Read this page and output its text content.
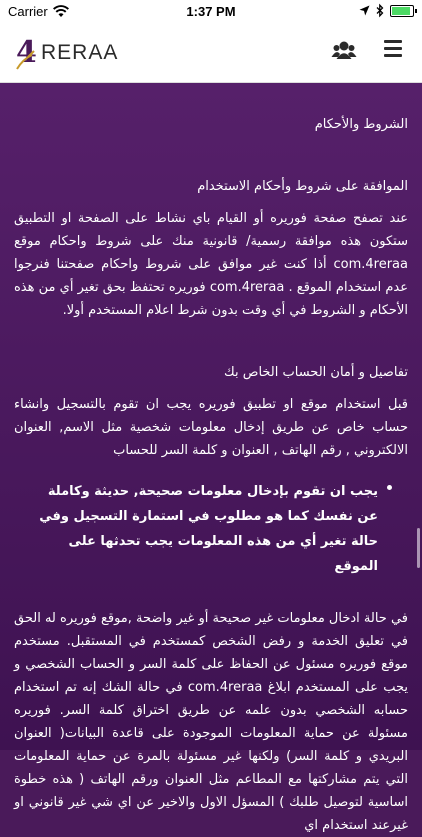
Carrier	1:37 PM
4 RERAA

الشروط والأحكام

الموافقة على شروط وأحكام الاستخدام

عند تصفح صفحة فوريره أو القيام باي نشاط على الصفحة او التطبيق ستكون هذه موافقة رسمية/ قانونية منك على شروط واحكام موقع com.4reraa أذا كنت غير موافق على شروط واحكام صفحتنا فنرجوا عدم استخدام الموقع . com.4reraa فوريره تحتفظ بحق تغير أي من هذه الأحكام و الشروط في أي وقت بدون شرط اعلام المستخدم أولا.

تفاصيل و أمان الحساب الخاص بك

قبل استخدام موقع او تطبيق فوريره يجب ان تقوم بالتسجيل وانشاء حساب خاص عن طريق إدخال معلومات شخصية مثل الاسم, العنوان الالكتروني , رقم الهاتف , العنوان و كلمة السر للحساب

يجب ان تقوم بإدخال معلومات صحيحة, حديثة وكاملة عن نفسك كما هو مطلوب في استمارة التسجيل وفي حالة تغير أي من هذه المعلومات يجب تحدثها على الموقع

في حالة ادخال معلومات غير صحيحة أو غير واضحة ,موقع فوريره له الحق في تعليق الخدمة و رفض الشخص كمستخدم في المستقبل. مستخدم موقع فوريره مسئول عن الحفاظ على كلمة السر و الحساب الشخصي و يجب على المستخدم ابلاغ com.4reraa في حالة الشك إنه تم استخدام حسابه الشخصي بدون علمه عن طريق اختراق كلمة السر. فوريره مسئولة عن حماية المعلومات الموجودة على قاعدة البيانات( العنوان البريدي و كلمة السر) ولكنها غير مسئولة بالمرة عن حماية المعلومات التي يتم مشاركتها مع المطاعم مثل العنوان ورقم الهاتف ( هذه خطوة اساسية لتوصيل طلبك ) المسؤل الاول والاخير عن اي شي غير قانوني او غيرعند استخدام اي
